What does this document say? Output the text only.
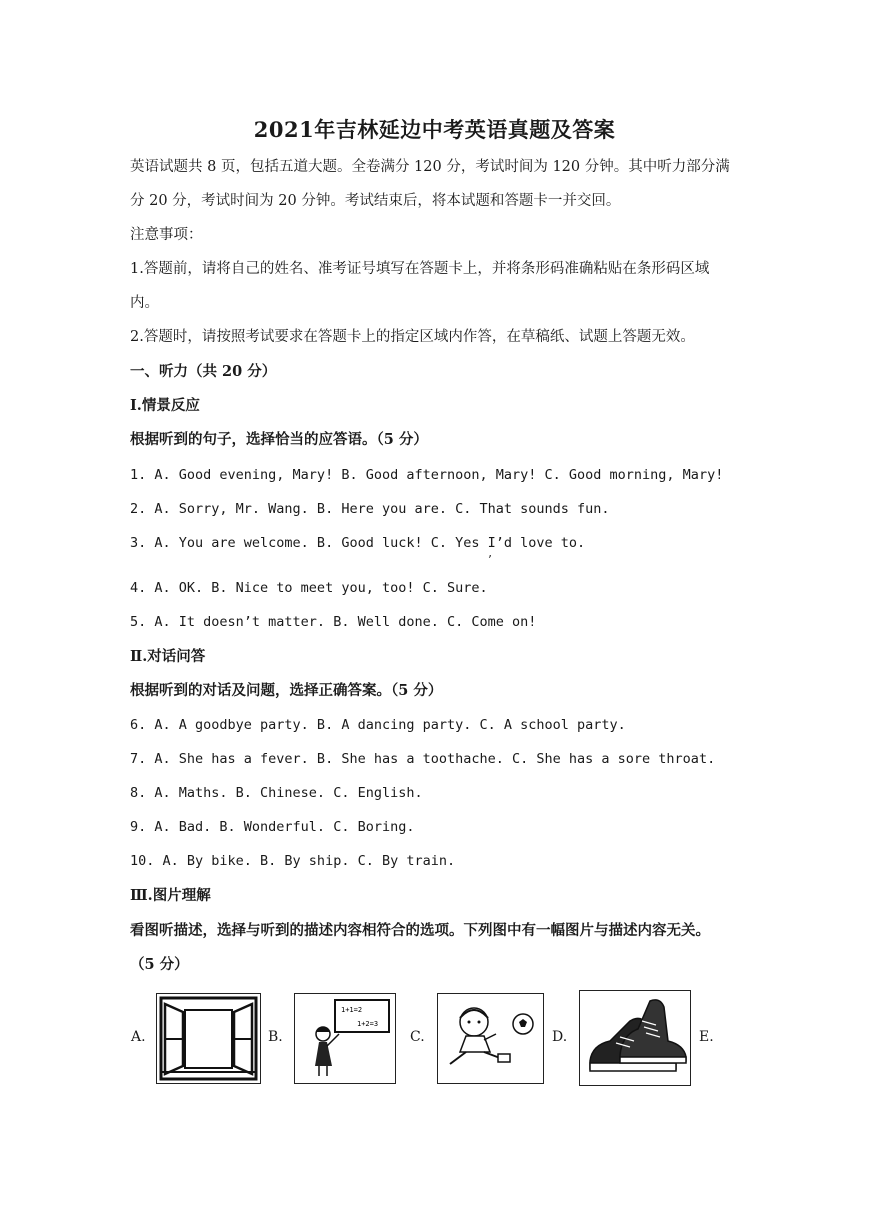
2021年吉林延边中考英语真题及答案
英语试题共 8 页，包括五道大题。全卷满分 120 分，考试时间为 120 分钟。其中听力部分满
分 20 分，考试时间为 20 分钟。考试结束后，将本试题和答题卡一并交回。
注意事项：
1.答题前，请将自己的姓名、准考证号填写在答题卡上，并将条形码准确粘贴在条形码区域
内。
2.答题时，请按照考试要求在答题卡上的指定区域内作答，在草稿纸、试题上答题无效。
一、听力（共 20 分）
Ⅰ.情景反应
根据听到的句子，选择恰当的应答语。（5 分）
1. A. Good evening, Mary! B. Good afternoon, Mary! C. Good morning, Mary!
2. A. Sorry, Mr. Wang. B. Here you are. C. That sounds fun.
3. A. You are welcome. B. Good luck! C. Yes I’d love to.
’
4. A. OK. B. Nice to meet you, too! C. Sure.
5. A. It doesn’t matter. B. Well done. C. Come on!
Ⅱ.对话问答
根据听到的对话及问题，选择正确答案。（5 分）
6. A. A goodbye party. B. A dancing party. C. A school party.
7. A. She has a fever. B. She has a toothache. C. She has a sore throat.
8. A. Maths. B. Chinese. C. English.
9. A. Bad. B. Wonderful. C. Boring.
10. A. By bike. B. By ship. C. By train.
Ⅲ.图片理解
看图听描述，选择与听到的描述内容相符合的选项。下列图中有一幅图片与描述内容无关。
（5 分）
A.	B.	C.	D.	E.
1+1=2
1+2=3
